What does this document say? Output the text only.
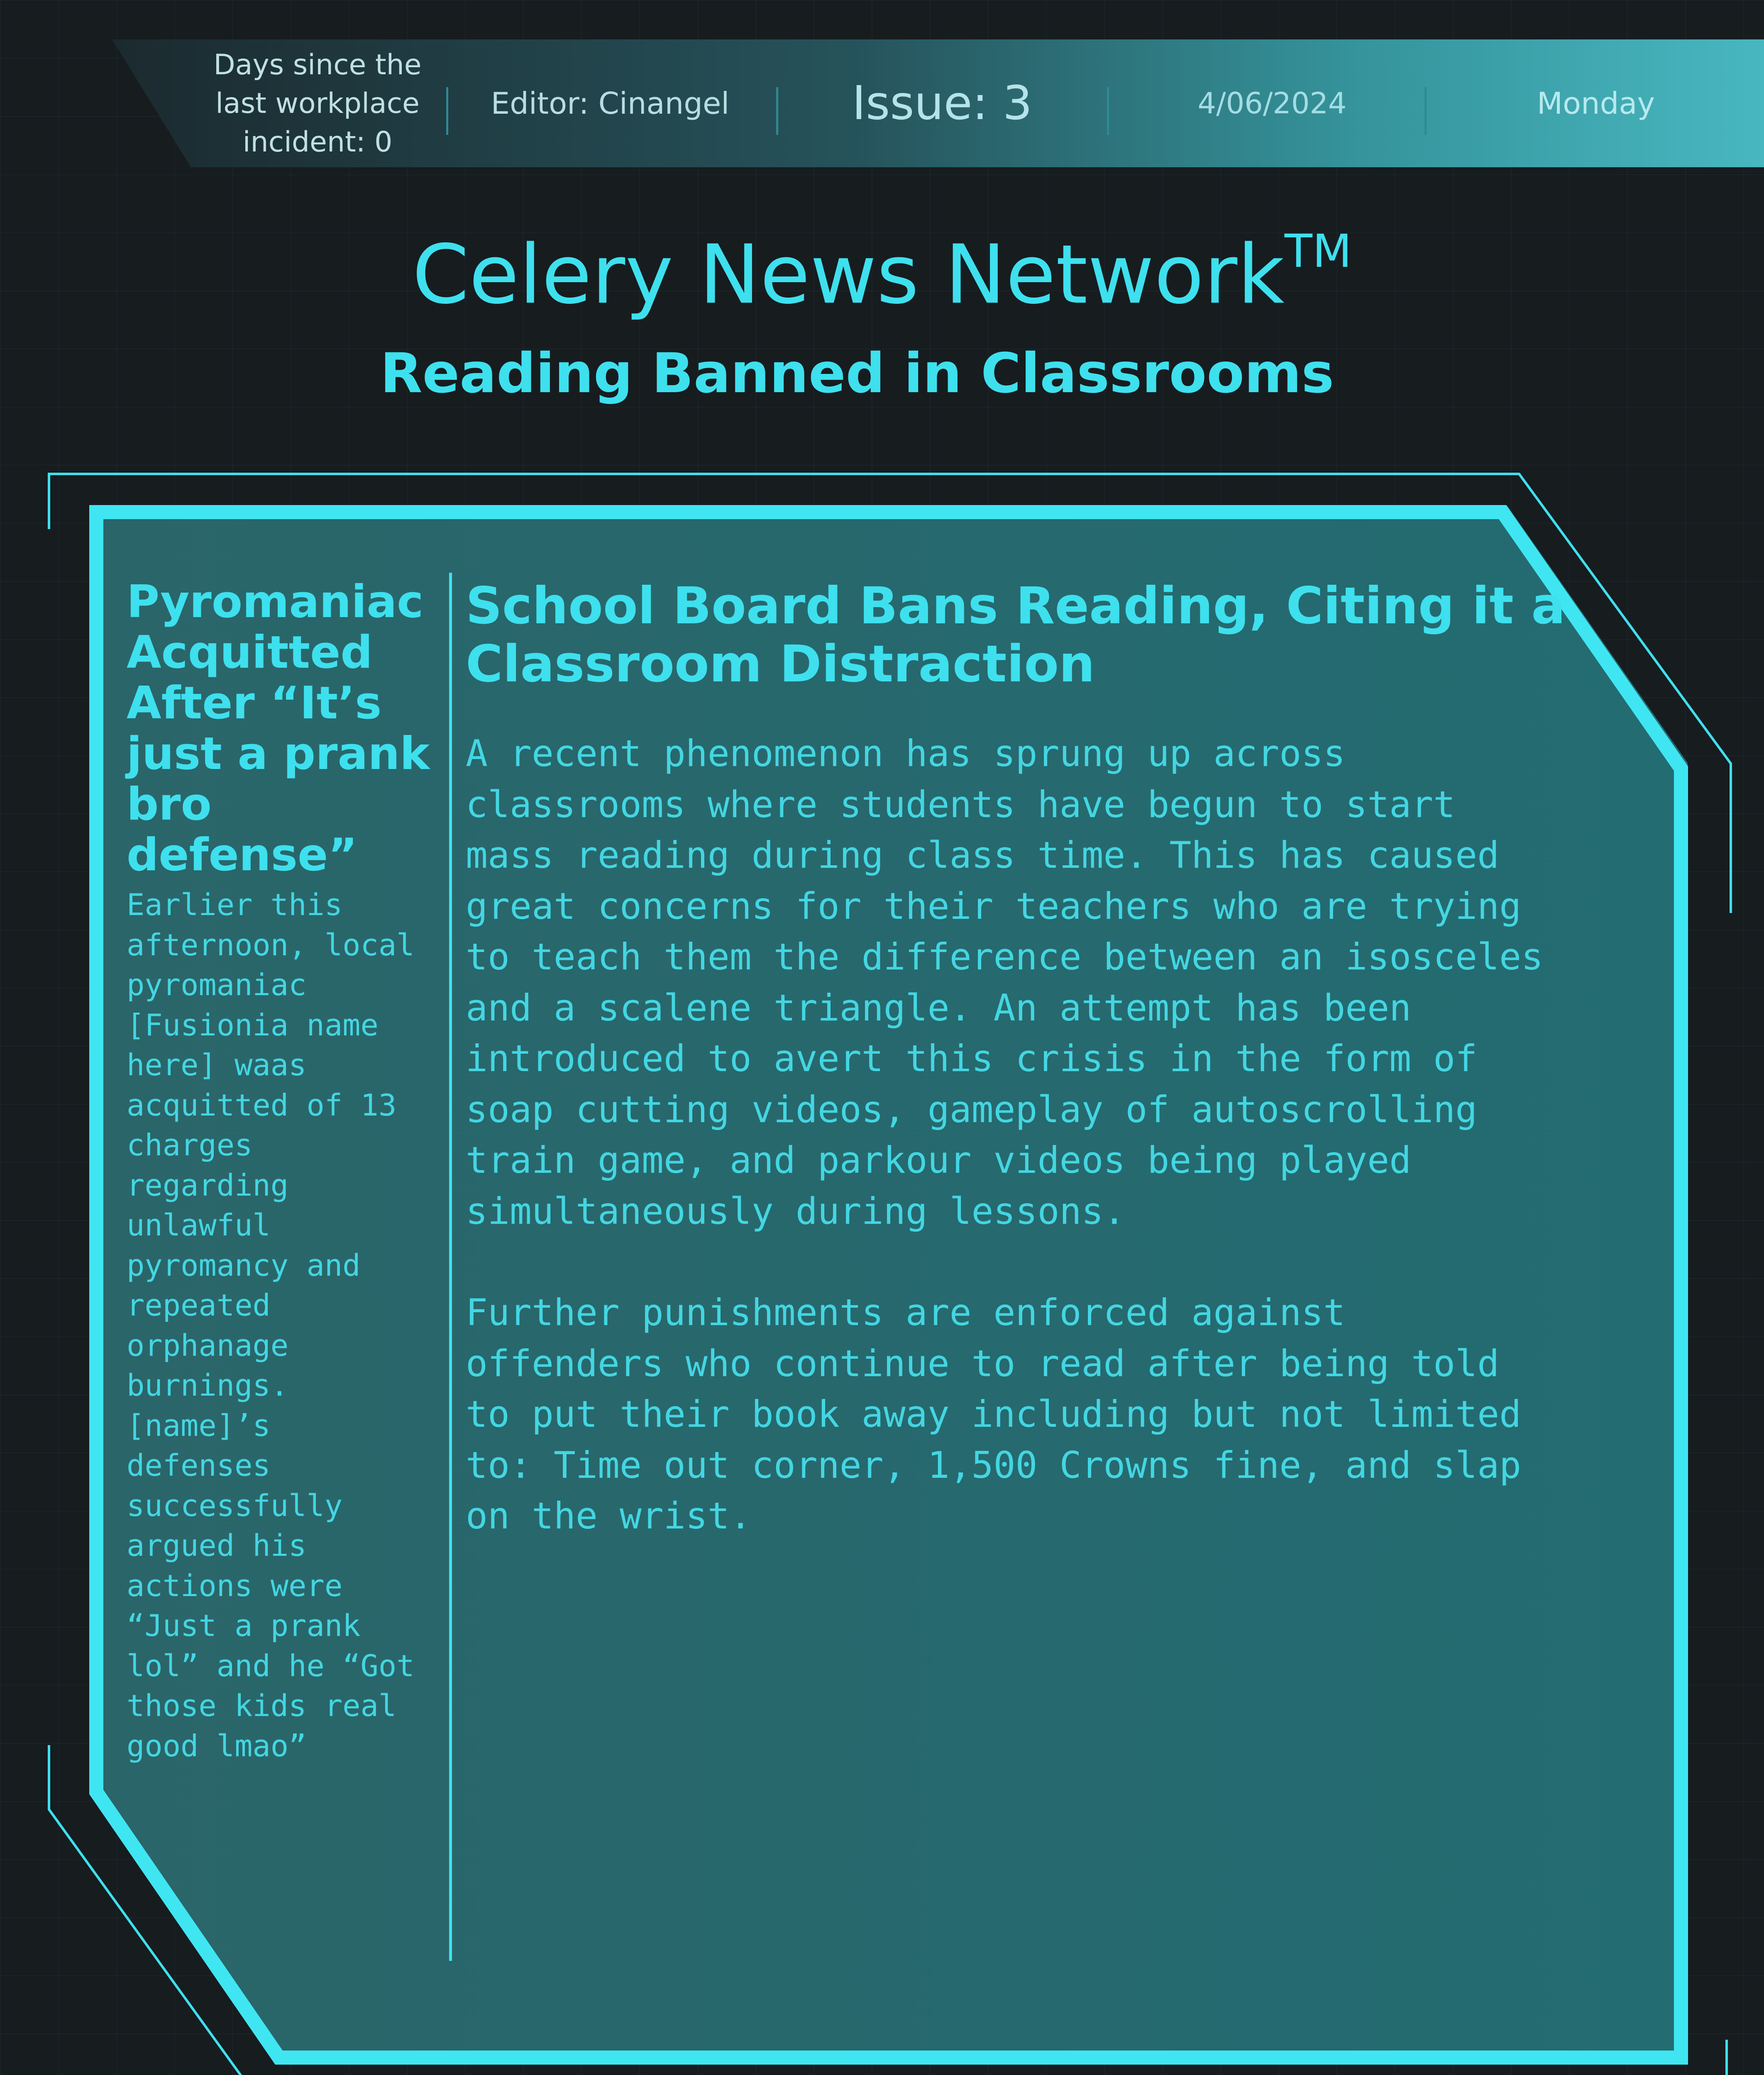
Days since the
last workplace
incident: 0
Editor: Cinangel	Issue: 3	4/06/2024	Monday
Celery News Network™
Reading Banned in Classrooms
Pyromaniac Acquitted After “It’s just a prank bro defense”

Earlier this
afternoon, local
pyromaniac
[Fusionia name
here] waas
acquitted of 13
charges
regarding
unlawful
pyromancy and
repeated
orphanage
burnings.
[name]’s
defenses
successfully
argued his
actions were
“Just a prank
lol” and he “Got
those kids real
good lmao”

School Board Bans Reading, Citing it a Classroom Distraction

A recent phenomenon has sprung up across
classrooms where students have begun to start
mass reading during class time. This has caused
great concerns for their teachers who are trying
to teach them the difference between an isosceles
and a scalene triangle. An attempt has been
introduced to avert this crisis in the form of
soap cutting videos, gameplay of autoscrolling
train game, and parkour videos being played
simultaneously during lessons.

Further punishments are enforced against
offenders who continue to read after being told
to put their book away including but not limited
to: Time out corner, 1,500 Crowns fine, and slap
on the wrist.
